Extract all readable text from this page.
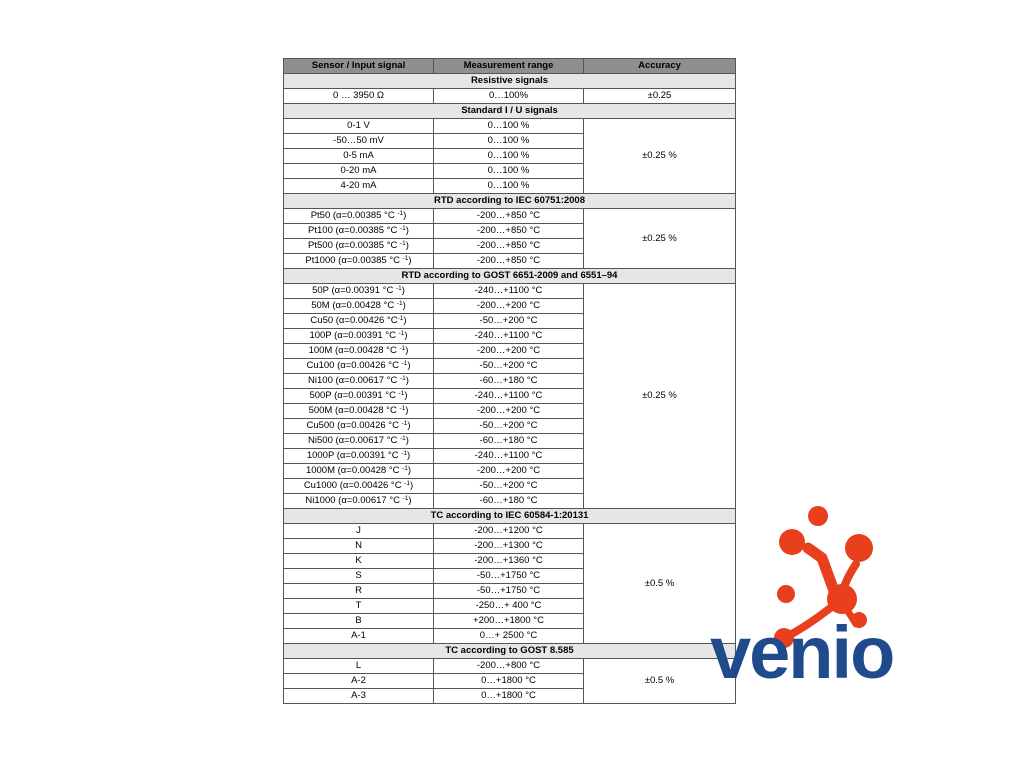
Sensor / Input signal	Measurement range	Accuracy
Resistive signals		
0 … 3950 Ω	0…100%	±0.25
Standard I / U signals		
0-1 V	0…100 %	±0.25 %
-50…50 mV	0…100 %	
0-5 mA	0…100 %	
0-20 mA	0…100 %	
4-20 mA	0…100 %	
RTD according to IEC 60751:2008		
Pt50 (α=0.00385 °C $^{-1}$)	-200…+850 °C	±0.25 %
Pt100 (α=0.00385 °C $^{-1}$)	-200…+850 °C	
Pt500 (α=0.00385 °C $^{-1}$)	-200…+850 °C	
Pt1000 (α=0.00385 °C $^{-1}$)	-200…+850 °C	
RTD according to GOST 6651-2009 and 6551–94		
50P (α=0.00391 °C $^{-1}$)	-240…+1100 °C	±0.25 %
50M (α=0.00428 °C $^{-1}$)	-200…+200 °C	
Cu50 (α=0.00426 $^\circ C^{-1}$)	-50…+200 °C	
100P (α=0.00391 °C $^{-1}$)	-240…+1100 °C	
100M (α=0.00428 °C $^{-1}$)	-200…+200 °C	
Cu100 (α=0.00426 °C $^{-1}$)	-50…+200 °C	
Ni100 (α=0.00617 °C $^{-1}$)	-60…+180 °C	
500P (α=0.00391 °C $^{-1}$)	-240…+1100 °C	
500M (α=0.00428 °C $^{-1}$)	-200…+200 °C	
Cu500 (α=0.00426 °C $^{-1}$)	-50…+200 °C	
Ni500 (α=0.00617 °C $^{-1}$)	-60…+180 °C	
1000P (α=0.00391 °C $^{-1}$)	-240…+1100 °C	
1000M (α=0.00428 °C $^{-1}$)	-200…+200 °C	
Cu1000 (α=0.00426 °C $^{-1}$)	-50…+200 °C	
Ni1000 (α=0.00617 °C $^{-1}$)	-60…+180 °C	
TC according to IEC 60584-1:20131		
J	-200…+1200 °C	±0.5 %
N	-200…+1300 °C	
K	-200…+1360 °C	
S	-50…+1750 °C	
R	-50…+1750 °C	
T	-250…+ 400 °C	
B	+200…+1800 °C	
A-1	0…+ 2500 °C	
TC according to GOST 8.585		
L	-200…+800 °C	±0.5 %
A-2	0…+1800 °C	
A-3	0…+1800 °C	
venio
